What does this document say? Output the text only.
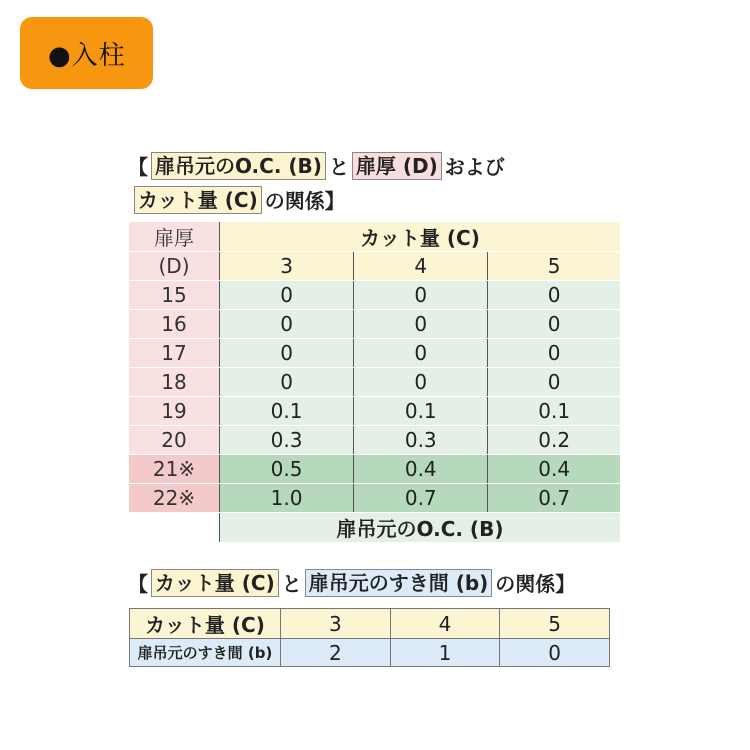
●入柱
【 扉吊元のO.C. (B) と 扉厚 (D) および
カット量 (C) の関係】
扉厚	カット量 (C)		
(D)	3	4	5
15	0	0	0
16	0	0	0
17	0	0	0
18	0	0	0
19	0.1	0.1	0.1
20	0.3	0.3	0.2
21※	0.5	0.4	0.4
22※	1.0	0.7	0.7
	扉吊元のO.C. (B)		
【 カット量 (C) と 扉吊元のすき間 (b) の関係】
カット量 (C)	3	4	5
扉吊元のすき間 (b)	2	1	0
